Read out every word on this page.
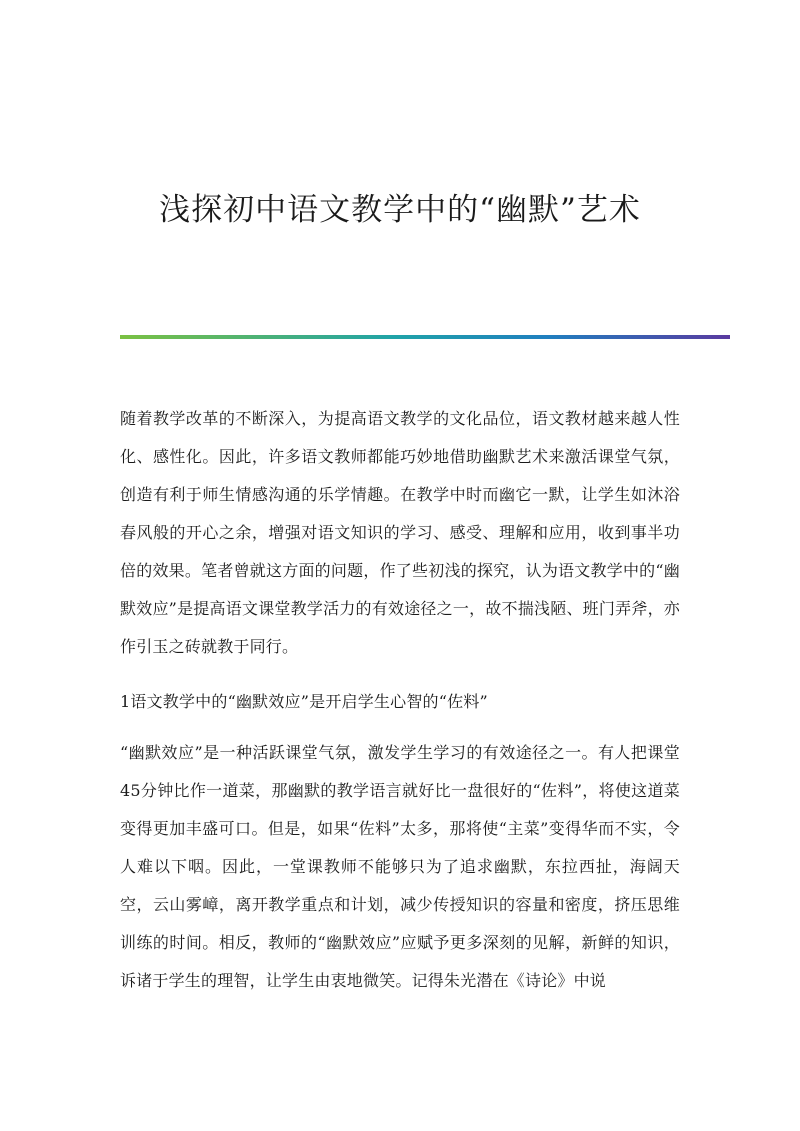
浅探初中语文教学中的“幽默”艺术

随着教学改革的不断深入，为提高语文教学的文化品位，语文教材越来越人性化、感性化。因此，许多语文教师都能巧妙地借助幽默艺术来激活课堂气氛，创造有利于师生情感沟通的乐学情趣。在教学中时而幽它一默，让学生如沐浴春风般的开心之余，增强对语文知识的学习、感受、理解和应用，收到事半功倍的效果。笔者曾就这方面的问题，作了些初浅的探究，认为语文教学中的“幽默效应”是提高语文课堂教学活力的有效途径之一，故不揣浅陋、班门弄斧，亦作引玉之砖就教于同行。

1语文教学中的“幽默效应”是开启学生心智的“佐料”

“幽默效应”是一种活跃课堂气氛，激发学生学习的有效途径之一。有人把课堂45分钟比作一道菜，那幽默的教学语言就好比一盘很好的“佐料”，将使这道菜变得更加丰盛可口。但是，如果“佐料”太多，那将使“主菜”变得华而不实，令人难以下咽。因此，一堂课教师不能够只为了追求幽默，东拉西扯，海阔天空，云山雾嶂，离开教学重点和计划，减少传授知识的容量和密度，挤压思维训练的时间。相反，教师的“幽默效应”应赋予更多深刻的见解，新鲜的知识，诉诸于学生的理智，让学生由衷地微笑。记得朱光潜在《诗论》中说
